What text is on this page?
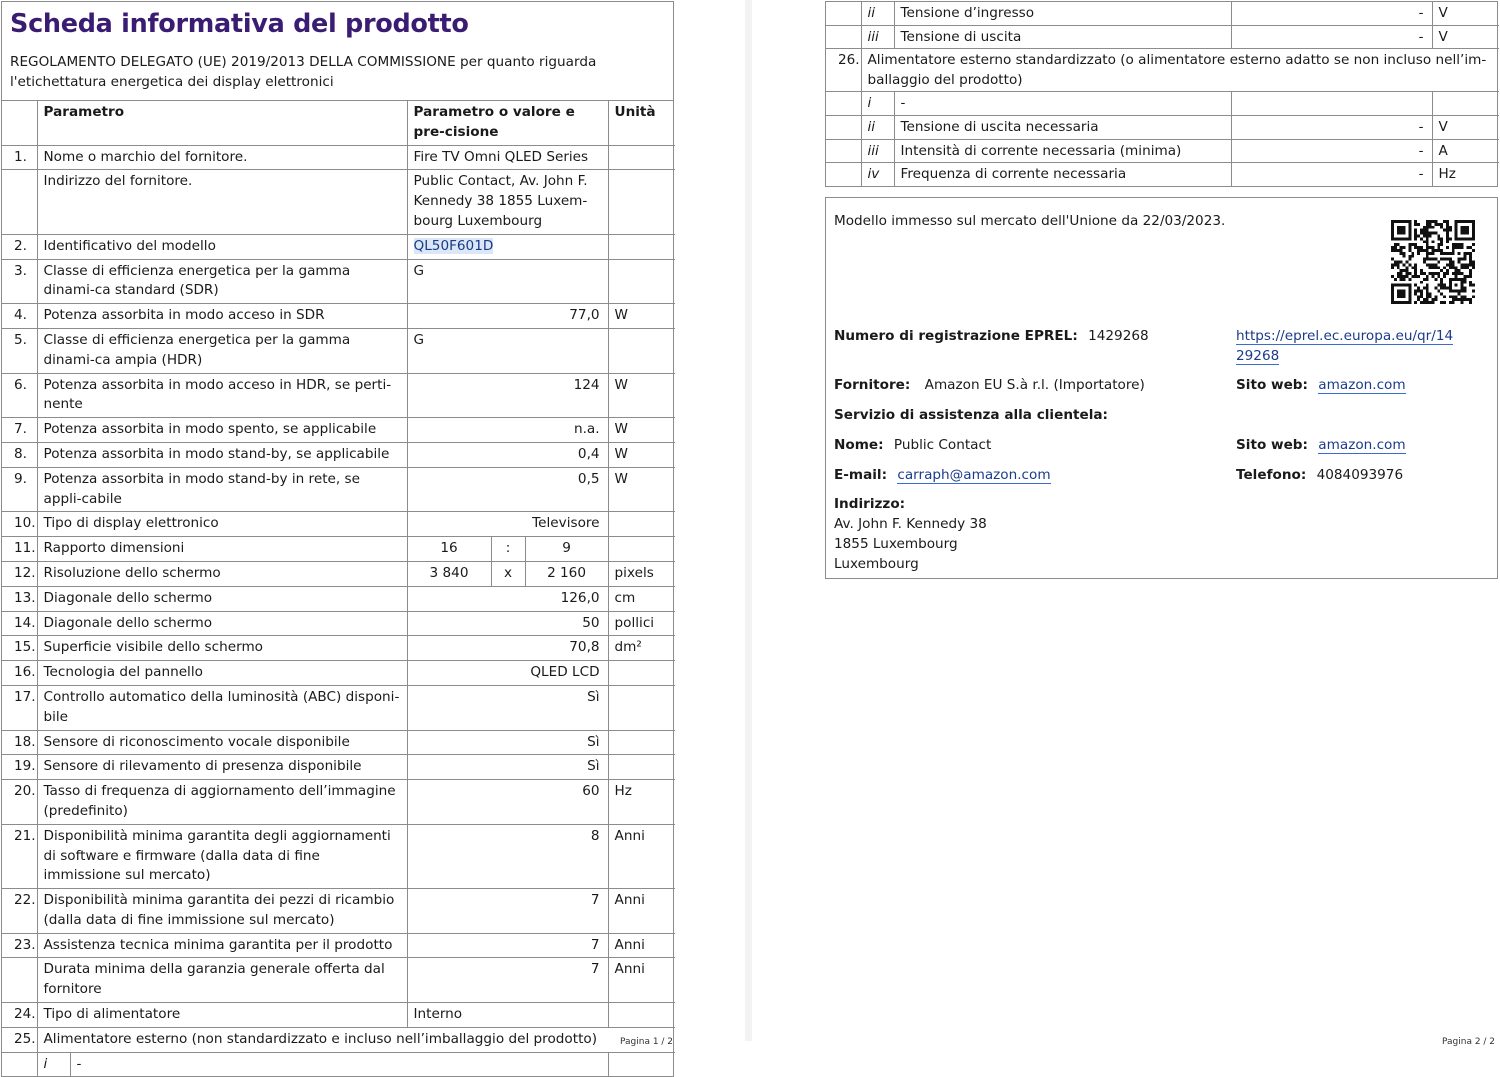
Scheda informativa del prodotto
REGOLAMENTO DELEGATO (UE) 2019/2013 DELLA COMMISSIONE per quanto riguarda
l'etichettatura energetica dei display elettronici
	Parametro		Parametro o valore e pre-cisione			Unità
1.	Nome o marchio del fornitore.		Fire TV Omni QLED Series			
	Indirizzo del fornitore.		Public Contact, Av. John F. Kennedy 38 1855 Luxem-bourg Luxembourg			
2.	Identificativo del modello		QL50F601D			
3.	Classe di efficienza energetica per la gamma dinami-ca standard (SDR)		G			
4.	Potenza assorbita in modo acceso in SDR		77,0			W
5.	Classe di efficienza energetica per la gamma dinami-ca ampia (HDR)		G			
6.	Potenza assorbita in modo acceso in HDR, se perti-nente		124			W
7.	Potenza assorbita in modo spento, se applicabile		n.a.			W
8.	Potenza assorbita in modo stand-by, se applicabile		0,4			W
9.	Potenza assorbita in modo stand-by in rete, se appli-cabile		0,5			W
10.	Tipo di display elettronico		Televisore			
11.	Rapporto dimensioni		16	:	9	
12.	Risoluzione dello schermo		3 840	x	2 160	pixels
13.	Diagonale dello schermo		126,0			cm
14.	Diagonale dello schermo		50			pollici
15.	Superficie visibile dello schermo		70,8			dm²
16.	Tecnologia del pannello		QLED LCD			
17.	Controllo automatico della luminosità (ABC) disponi-bile		Sì			
18.	Sensore di riconoscimento vocale disponibile		Sì			
19.	Sensore di rilevamento di presenza disponibile		Sì			
20.	Tasso di frequenza di aggiornamento dell’immagine (predefinito)		60			Hz
21.	Disponibilità minima garantita degli aggiornamenti di software e firmware (dalla data di fine immissione sul mercato)		8			Anni
22.	Disponibilità minima garantita dei pezzi di ricambio (dalla data di fine immissione sul mercato)		7			Anni
23.	Assistenza tecnica minima garantita per il prodotto		7			Anni
	Durata minima della garanzia generale offerta dal fornitore		7			Anni
24.	Tipo di alimentatore		Interno			
25.	Alimentatore esterno (non standardizzato e incluso nell’imballaggio del prodotto)					
	i	-				
Pagina 1 / 2
	ii	Tensione d’ingresso	-	V
	iii	Tensione di uscita	-	V
26.	Alimentatore esterno standardizzato (o alimentatore esterno adatto se non incluso nell’im-ballaggio del prodotto)			
	i	-		
	ii	Tensione di uscita necessaria	-	V
	iii	Intensità di corrente necessaria (minima)	-	A
	iv	Frequenza di corrente necessaria	-	Hz
Modello immesso sul mercato dell'Unione da 22/03/2023.
Numero di registrazione EPREL: 1429268	https://eprel.ec.europa.eu/qr/14
29268
Fornitore: Amazon EU S.à r.l. (Importatore)	Sito web: amazon.com
Servizio di assistenza alla clientela:
Nome: Public Contact	Sito web: amazon.com
E-mail: carraph@amazon.com	Telefono: 4084093976
Indirizzo:
Av. John F. Kennedy 38
1855 Luxembourg
Luxembourg
Pagina 2 / 2
